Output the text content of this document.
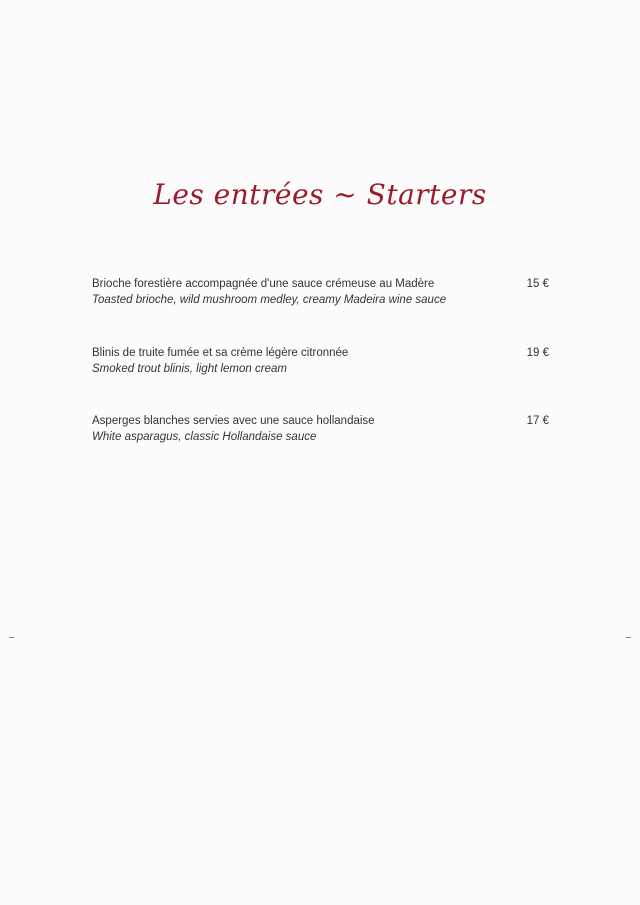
Les entrées ~ Starters
Brioche forestière accompagnée d'une sauce crémeuse au Madère
Toasted brioche, wild mushroom medley, creamy Madeira wine sauce
15 €
Blinis de truite fumée et sa crème légère citronnée
Smoked trout blinis, light lemon cream
19 €
Asperges blanches servies avec une sauce hollandaise
White asparagus, classic Hollandaise sauce
17 €
